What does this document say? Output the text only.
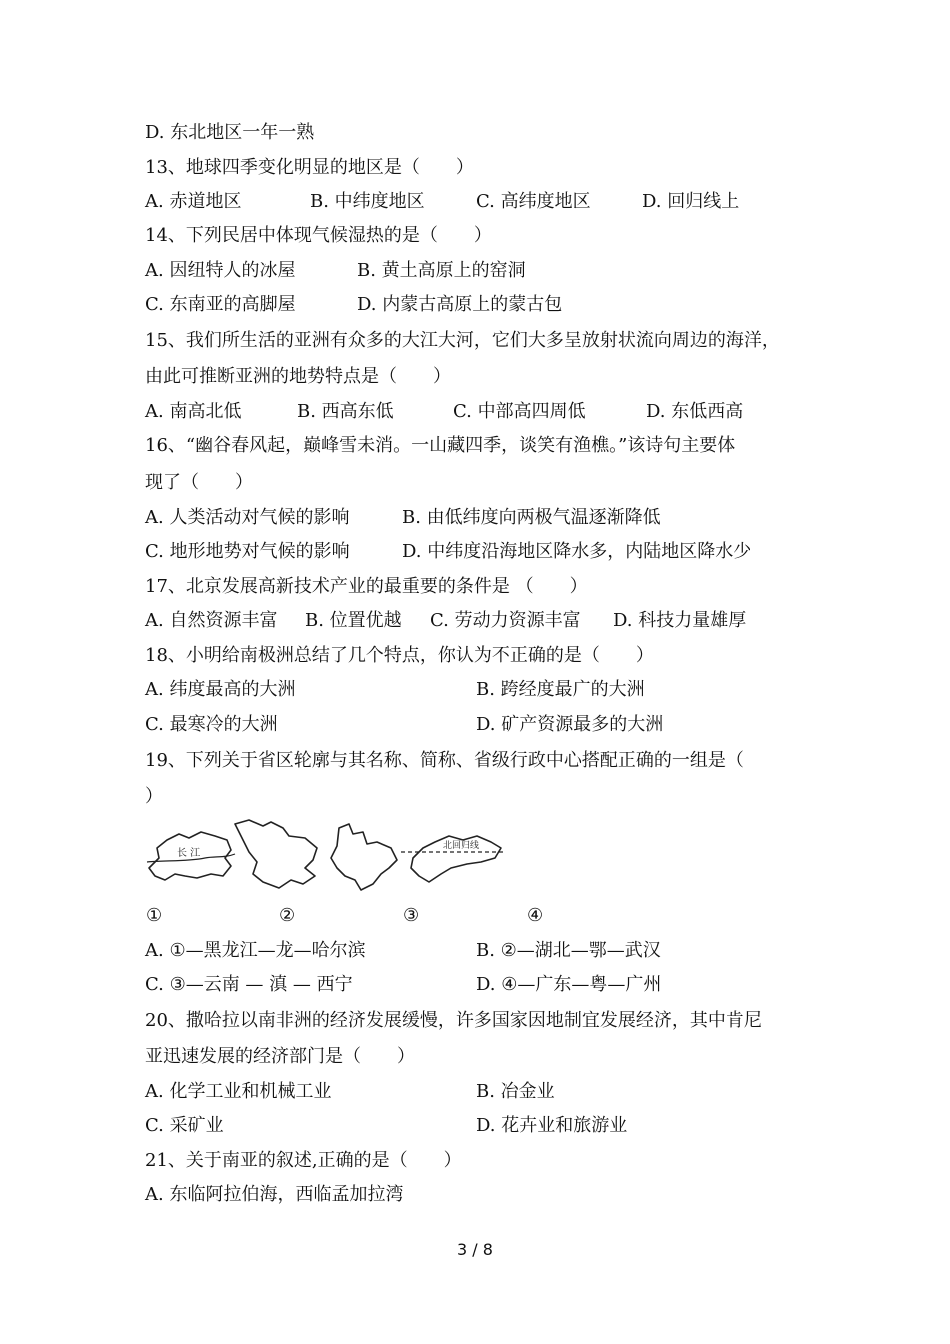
D. 东北地区一年一熟
13、地球四季变化明显的地区是（　　）
A. 赤道地区	B. 中纬度地区	C. 高纬度地区	D. 回归线上
14、下列民居中体现气候湿热的是（　　）
A. 因纽特人的冰屋	B. 黄土高原上的窑洞
C. 东南亚的高脚屋	D. 内蒙古高原上的蒙古包
15、我们所生活的亚洲有众多的大江大河，它们大多呈放射状流向周边的海洋，
由此可推断亚洲的地势特点是（　　）
A. 南高北低	B. 西高东低	C. 中部高四周低	D. 东低西高
16、“幽谷春风起，巅峰雪未消。一山藏四季，谈笑有渔樵。”该诗句主要体
现了（　　）
A. 人类活动对气候的影响	B. 由低纬度向两极气温逐渐降低
C. 地形地势对气候的影响	D. 中纬度沿海地区降水多，内陆地区降水少
17、北京发展高新技术产业的最重要的条件是 （　　）
A. 自然资源丰富 B. 位置优越 C. 劳动力资源丰富 D. 科技力量雄厚
18、小明给南极洲总结了几个特点，你认为不正确的是（　　）
A. 纬度最高的大洲	B. 跨经度最广的大洲
C. 最寒冷的大洲	D. 矿产资源最多的大洲
19、下列关于省区轮廓与其名称、简称、省级行政中心搭配正确的一组是（
）
长 江
北回归线
①	②	③	④
A. ①—黑龙江—龙—哈尔滨	B. ②—湖北—鄂—武汉
C. ③—云南 — 滇 — 西宁	D. ④—广东—粤—广州
20、撒哈拉以南非洲的经济发展缓慢，许多国家因地制宜发展经济，其中肯尼
亚迅速发展的经济部门是（　　）
A. 化学工业和机械工业	B. 冶金业
C. 采矿业	D. 花卉业和旅游业
21、关于南亚的叙述,正确的是（　　）
A. 东临阿拉伯海，西临孟加拉湾
3 / 8
